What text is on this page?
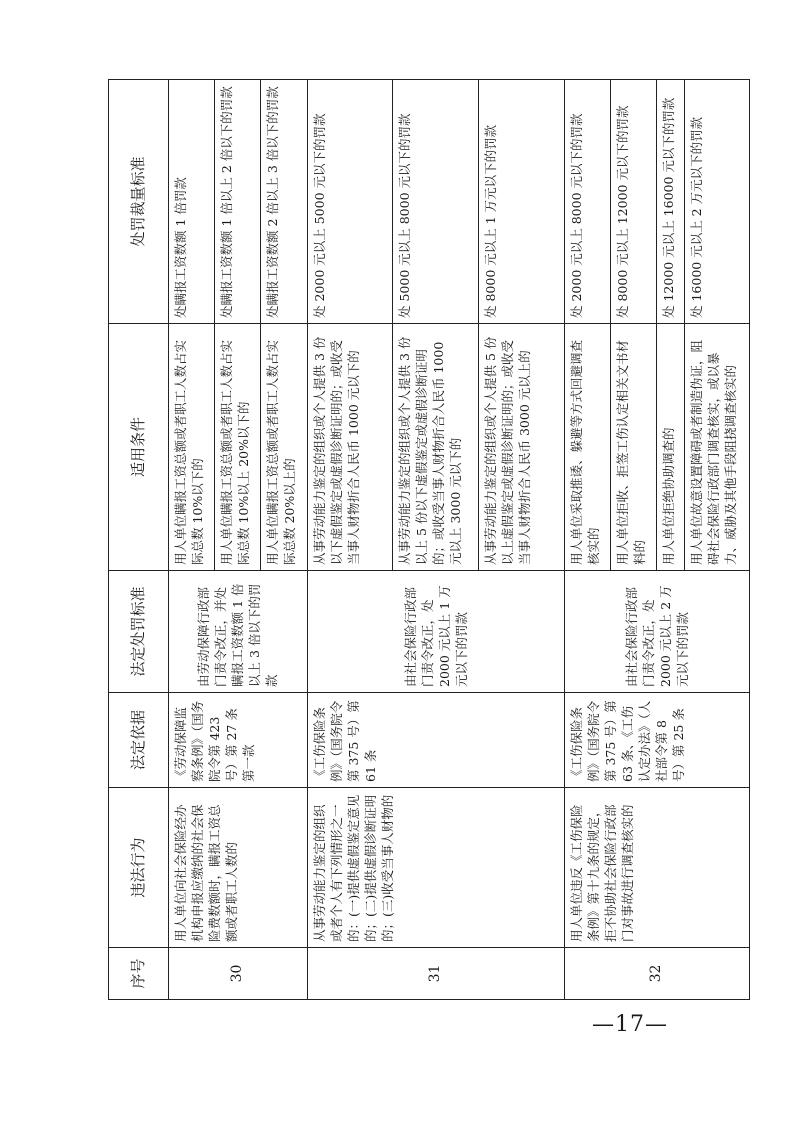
序号	违法行为	法定依据	法定处罚标准	适用条件	处罚裁量标准
30	用人单位向社会保险经办机构申报应缴纳的社会保险费数额时，瞒报工资总额或者职工人数的	《劳动保障监察条例》（国务院令第 423 号）第 27 条第一款	由劳动保障行政部门责令改正，并处瞒报工资数额 1 倍以上 3 倍以下的罚款	用人单位瞒报工资总额或者职工人数占实际总数 10%以下的	处瞒报工资数额 1 倍罚款
				用人单位瞒报工资总额或者职工人数占实际总数 10%以上 20%以下的	处瞒报工资数额 1 倍以上 2 倍以下的罚款
				用人单位瞒报工资总额或者职工人数占实际总数 20%以上的	处瞒报工资数额 2 倍以上 3 倍以下的罚款
31	从事劳动能力鉴定的组织或者个人有下列情形之一的：(一)提供虚假鉴定意见的；(二)提供虚假诊断证明的；(三)收受当事人财物的	《工伤保险条例》（国务院令第 375 号）第 61 条	由社会保险行政部门责令改正，处 2000 元以上 1 万元以下的罚款	从事劳动能力鉴定的组织或个人提供 3 份以下虚假鉴定或虚假诊断证明的；或收受当事人财物折合人民币 1000 元以下的	处 2000 元以上 5000 元以下的罚款
				从事劳动能力鉴定的组织或个人提供 3 份以上 5 份以下虚假鉴定或虚假诊断证明的；或收受当事人财物折合人民币 1000 元以上 3000 元以下的	处 5000 元以上 8000 元以下的罚款
				从事劳动能力鉴定的组织或个人提供 5 份以上虚假鉴定或虚假诊断证明的；或收受当事人财物折合人民币 3000 元以上的	处 8000 元以上 1 万元以下的罚款
32	用人单位违反《工伤保险条例》第十九条的规定，拒不协助社会保险行政部门对事故进行调查核实的	《工伤保险条例》（国务院令第 375 号）第 63 条、《工伤认定办法》（人社部令第 8 号）第 25 条	由社会保险行政部门责令改正，处 2000 元以上 2 万元以下的罚款	用人单位采取推诿、躲避等方式回避调查核实的	处 2000 元以上 8000 元以下的罚款
				用人单位拒收、拒签工伤认定相关文书材料的	处 8000 元以上 12000 元以下的罚款
				用人单位拒绝协助调查的	处 12000 元以上 16000 元以下的罚款
				用人单位故意设置障碍或者制造伪证，阻碍社会保险行政部门调查核实，或以暴力、威胁及其他手段阻挠调查核实的	处 16000 元以上 2 万元以下的罚款
—17—
